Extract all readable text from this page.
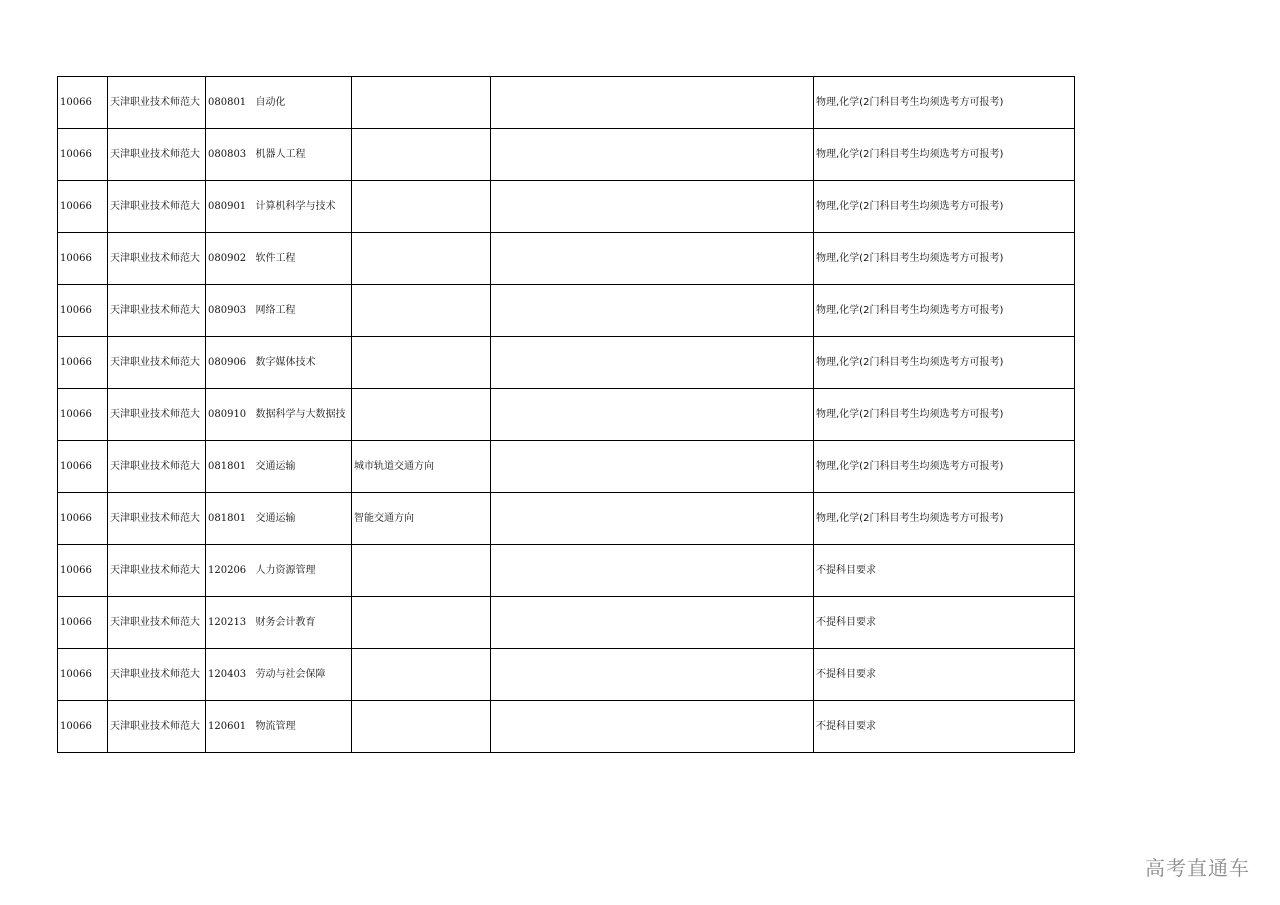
10066	天津职业技术师范大	080801	自动化			物理,化学(2门科目考生均须选考方可报考)
10066	天津职业技术师范大	080803	机器人工程			物理,化学(2门科目考生均须选考方可报考)
10066	天津职业技术师范大	080901	计算机科学与技术			物理,化学(2门科目考生均须选考方可报考)
10066	天津职业技术师范大	080902	软件工程			物理,化学(2门科目考生均须选考方可报考)
10066	天津职业技术师范大	080903	网络工程			物理,化学(2门科目考生均须选考方可报考)
10066	天津职业技术师范大	080906	数字媒体技术			物理,化学(2门科目考生均须选考方可报考)
10066	天津职业技术师范大	080910	数据科学与大数据技			物理,化学(2门科目考生均须选考方可报考)
10066	天津职业技术师范大	081801	交通运输	城市轨道交通方向		物理,化学(2门科目考生均须选考方可报考)
10066	天津职业技术师范大	081801	交通运输	智能交通方向		物理,化学(2门科目考生均须选考方可报考)
10066	天津职业技术师范大	120206	人力资源管理			不提科目要求
10066	天津职业技术师范大	120213	财务会计教育			不提科目要求
10066	天津职业技术师范大	120403	劳动与社会保障			不提科目要求
10066	天津职业技术师范大	120601	物流管理			不提科目要求
高考直通车
